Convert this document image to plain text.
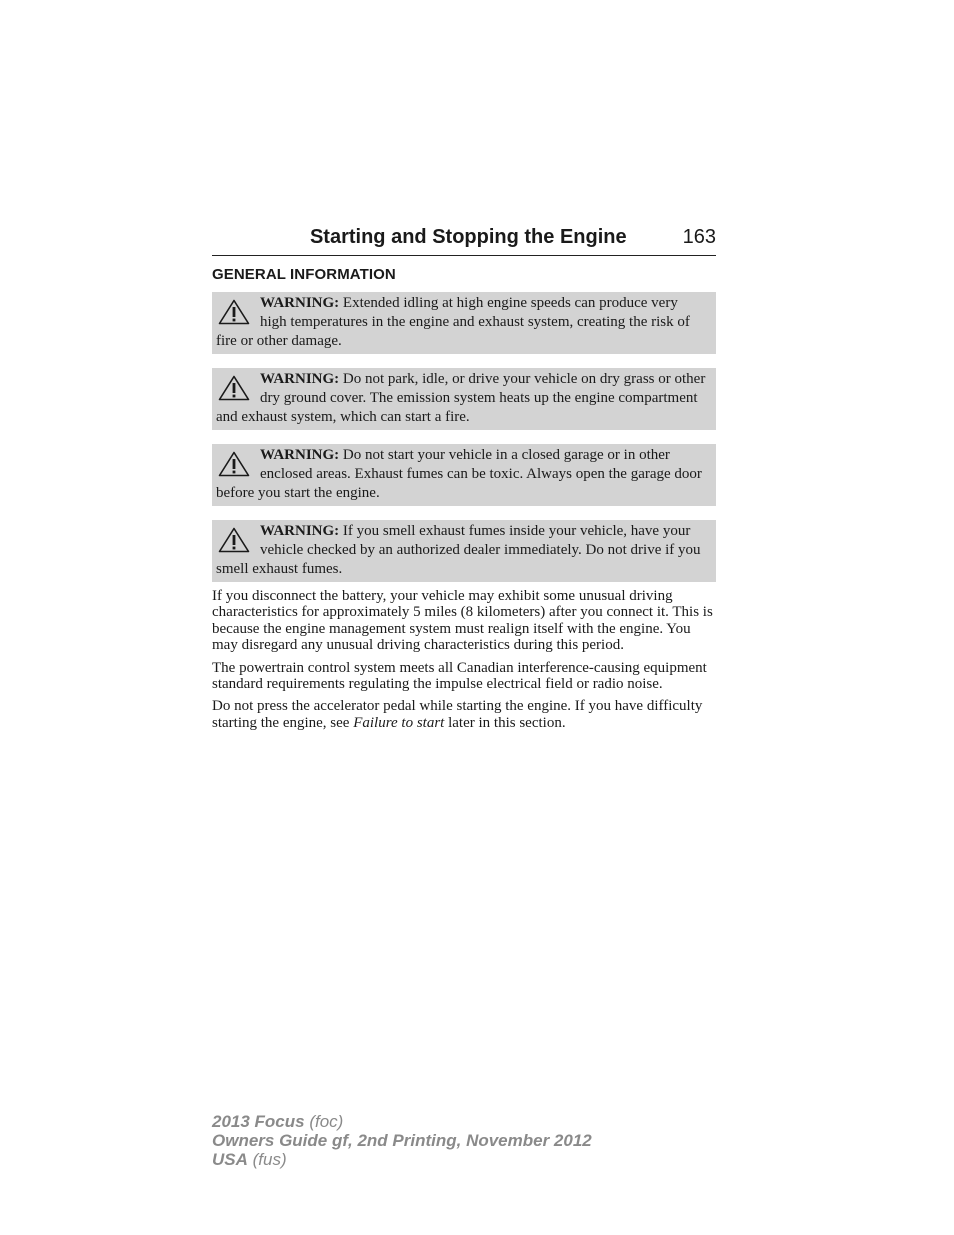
Starting and Stopping the Engine	163
GENERAL INFORMATION
WARNING: Extended idling at high engine speeds can produce very high temperatures in the engine and exhaust system, creating the risk of fire or other damage.
WARNING: Do not park, idle, or drive your vehicle on dry grass or other dry ground cover. The emission system heats up the engine compartment and exhaust system, which can start a fire.
WARNING: Do not start your vehicle in a closed garage or in other enclosed areas. Exhaust fumes can be toxic. Always open the garage door before you start the engine.
WARNING: If you smell exhaust fumes inside your vehicle, have your vehicle checked by an authorized dealer immediately. Do not drive if you smell exhaust fumes.

If you disconnect the battery, your vehicle may exhibit some unusual driving characteristics for approximately 5 miles (8 kilometers) after you connect it. This is because the engine management system must realign itself with the engine. You may disregard any unusual driving characteristics during this period.

The powertrain control system meets all Canadian interference-causing equipment standard requirements regulating the impulse electrical field or radio noise.

Do not press the accelerator pedal while starting the engine. If you have difficulty starting the engine, see Failure to start later in this section.

2013 Focus (foc)
Owners Guide gf, 2nd Printing, November 2012
USA (fus)
